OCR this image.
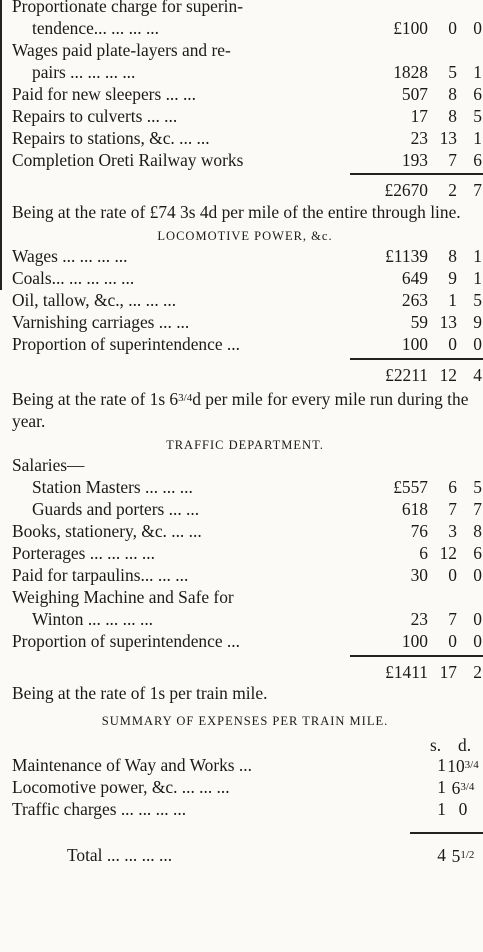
Proportionate charge for superin-
tendence... ... ... ...	£100	0 0
Wages paid plate-layers and re-
pairs ... ... ... ...	1828	5 1
Paid for new sleepers ... ...	507	8 6
Repairs to culverts ... ...	17	8 5
Repairs to stations, &c. ... ...	23 13 1
Completion Oreti Railway works	193	7 6
£2670	2 7
Being at the rate of £74 3s 4d per mile of the entire through line.
LOCOMOTIVE POWER, &c.
Wages ... ... ... ...	£1139	8 1
Coals... ... ... ... ...	649	9 1
Oil, tallow, &c., ... ... ...	263	1 5
Varnishing carriages ... ...	59 13 9
Proportion of superintendence ...	100	0 0
£2211 12 4
Being at the rate of 1s $6^{3/4}d$ per mile for every mile run during the year.
TRAFFIC DEPARTMENT.
Salaries—
Station Masters ... ... ...	£557	6 5
Guards and porters ... ...	618	7 7
Books, stationery, &c. ... ...	76	3 8
Porterages ... ... ... ...	6 12 6
Paid for tarpaulins... ... ...	30	0 0
Weighing Machine and Safe for
Winton ... ... ... ...	23	7 0
Proportion of superintendence ...	100	0 0
£1411 17 2
Being at the rate of 1s per train mile.
SUMMARY OF EXPENSES PER TRAIN MILE.
s. d.
Maintenance of Way and Works ...	1 103/4
Locomotive power, &c. ... ... ...	1 63/4
Traffic charges ... ... ... ...	1 0
Total ... ... ... ...	4 51/2
